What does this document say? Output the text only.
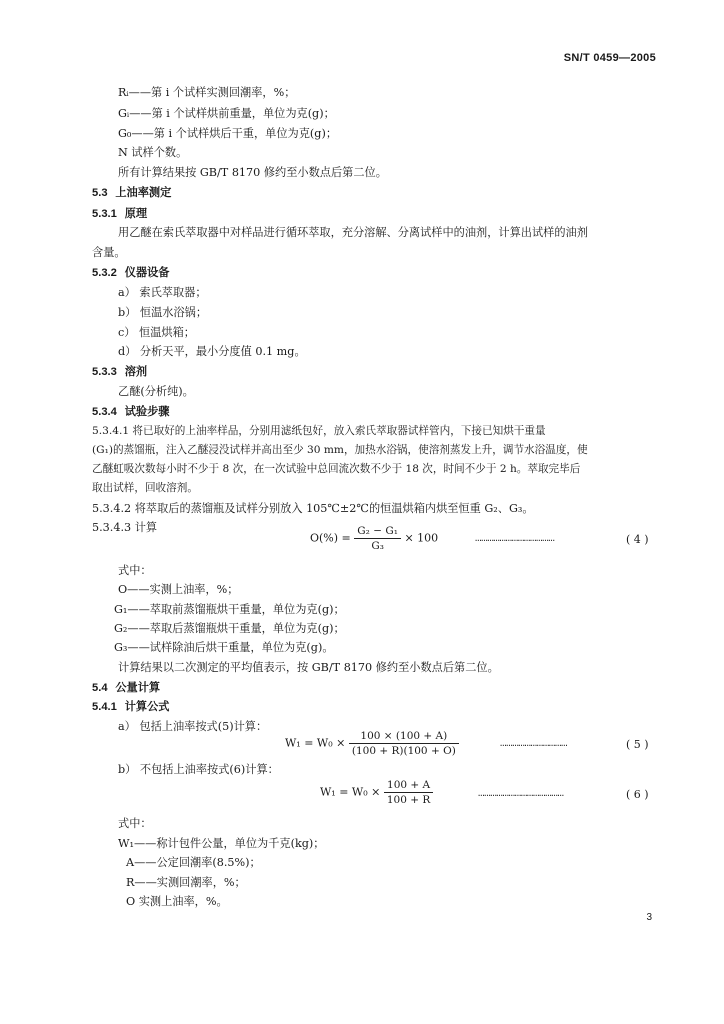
SN/T 0459—2005
Rᵢ——第 i 个试样实测回潮率，%；
Gᵢ——第 i 个试样烘前重量，单位为克(g)；
G₀——第 i 个试样烘后干重，单位为克(g)；
N 试样个数。
所有计算结果按 GB/T 8170 修约至小数点后第二位。
5.3 上油率测定
5.3.1 原理
用乙醚在索氏萃取器中对样品进行循环萃取，充分溶解、分离试样中的油剂，计算出试样的油剂
含量。
5.3.2 仪器设备
a） 索氏萃取器；
b） 恒温水浴锅；
c） 恒温烘箱；
d） 分析天平，最小分度值 0.1 mg。
5.3.3 溶剂
乙醚(分析纯)。
5.3.4 试验步骤
5.3.4.1 将已取好的上油率样品，分别用滤纸包好，放入索氏萃取器试样管内，下接已知烘干重量
(G₁)的蒸馏瓶，注入乙醚浸没试样并高出至少 30 mm，加热水浴锅，使溶剂蒸发上升，调节水浴温度，使
乙醚虹吸次数每小时不少于 8 次，在一次试验中总回流次数不少于 18 次，时间不少于 2 h。萃取完毕后
取出试样，回收溶剂。
5.3.4.2 将萃取后的蒸馏瓶及试样分别放入 105℃±2℃的恒温烘箱内烘至恒重 G₂、G₃。
5.3.4.3 计算
$O(\%) = \frac{\text{G₂ − G₁}}{\text{G₃}} \times 100$	…………………………………	( 4 )
式中：
O——实测上油率，%；
G₁——萃取前蒸馏瓶烘干重量，单位为克(g)；
G₂——萃取后蒸馏瓶烘干重量，单位为克(g)；
G₃——试样除油后烘干重量，单位为克(g)。
计算结果以二次测定的平均值表示，按 GB/T 8170 修约至小数点后第二位。
5.4 公量计算
5.4.1 计算公式
a） 包括上油率按式(5)计算：
$W_1 = W_0 \times \frac{100 \times (100 + A)}{(100 + R)(100 + O)}$	……………………………	( 5 )
b） 不包括上油率按式(6)计算：
$W_1 = W_0 \times \frac{100 + A}{100 + R}$	……………………………………	( 6 )
式中：
W₁——称计包件公量，单位为千克(kg)；
A——公定回潮率(8.5%)；
R——实测回潮率，%；
O 实测上油率，%。
3
